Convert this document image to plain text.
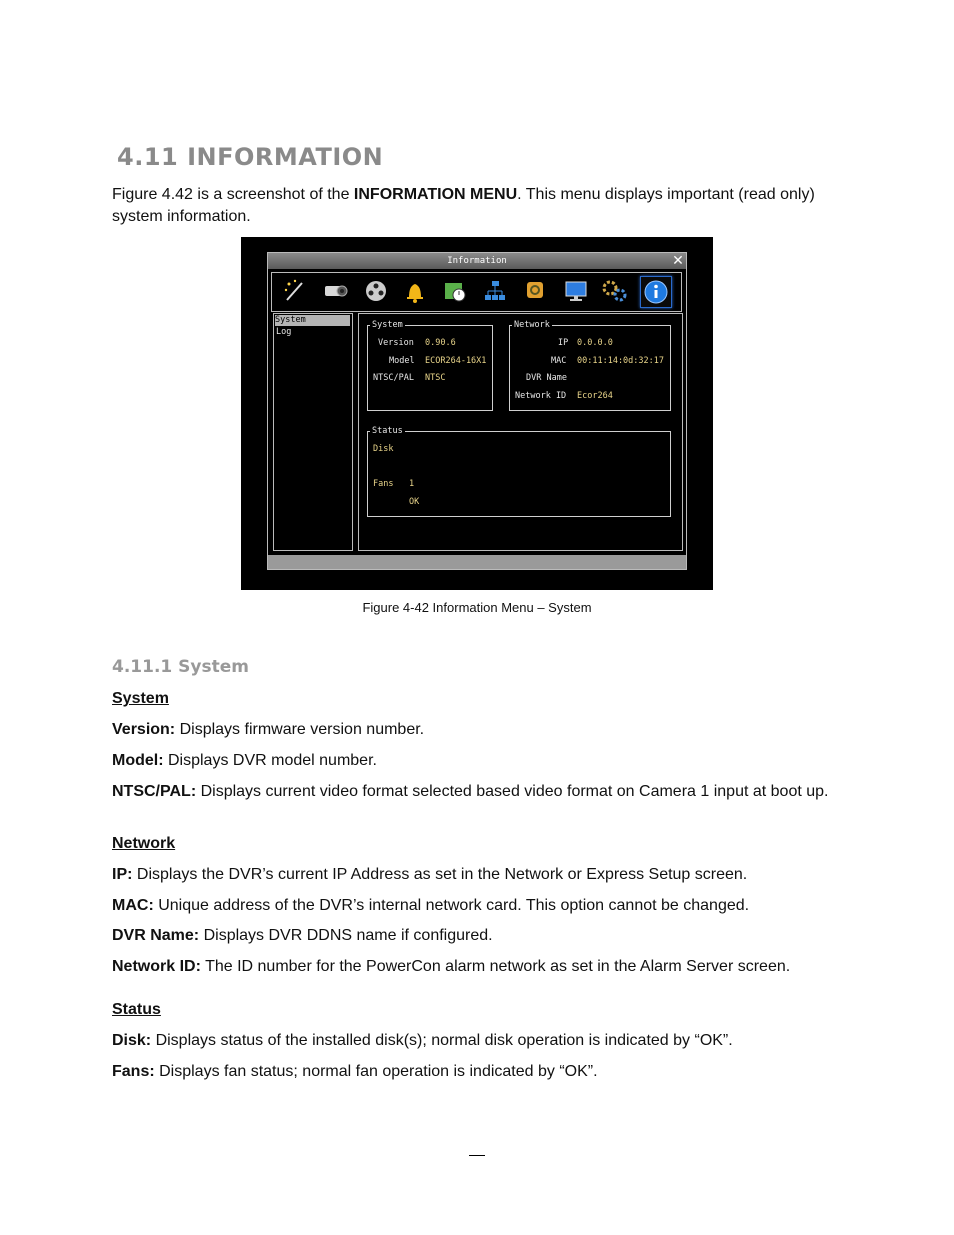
4.11 INFORMATION
Figure 4.42 is a screenshot of the INFORMATION MENU. This menu displays important (read only) system information.
Information	✕
System
Log
System
Version 0.90.6
Model ECOR264-16X1
NTSC/PAL NTSC
Network
IP 0.0.0.0
MAC 00:11:14:0d:32:17
DVR Name
Network ID Ecor264
Status
Disk
Fans 1
OK
Figure 4-42 Information Menu – System
4.11.1 System
System
Version: Displays firmware version number.
Model: Displays DVR model number.
NTSC/PAL: Displays current video format selected based video format on Camera 1 input at boot up.
Network
IP: Displays the DVR’s current IP Address as set in the Network or Express Setup screen.
MAC: Unique address of the DVR’s internal network card. This option cannot be changed.
DVR Name: Displays DVR DDNS name if configured.
Network ID: The ID number for the PowerCon alarm network as set in the Alarm Server screen.
Status
Disk: Displays status of the installed disk(s); normal disk operation is indicated by “OK”.
Fans: Displays fan status; normal fan operation is indicated by “OK”.
